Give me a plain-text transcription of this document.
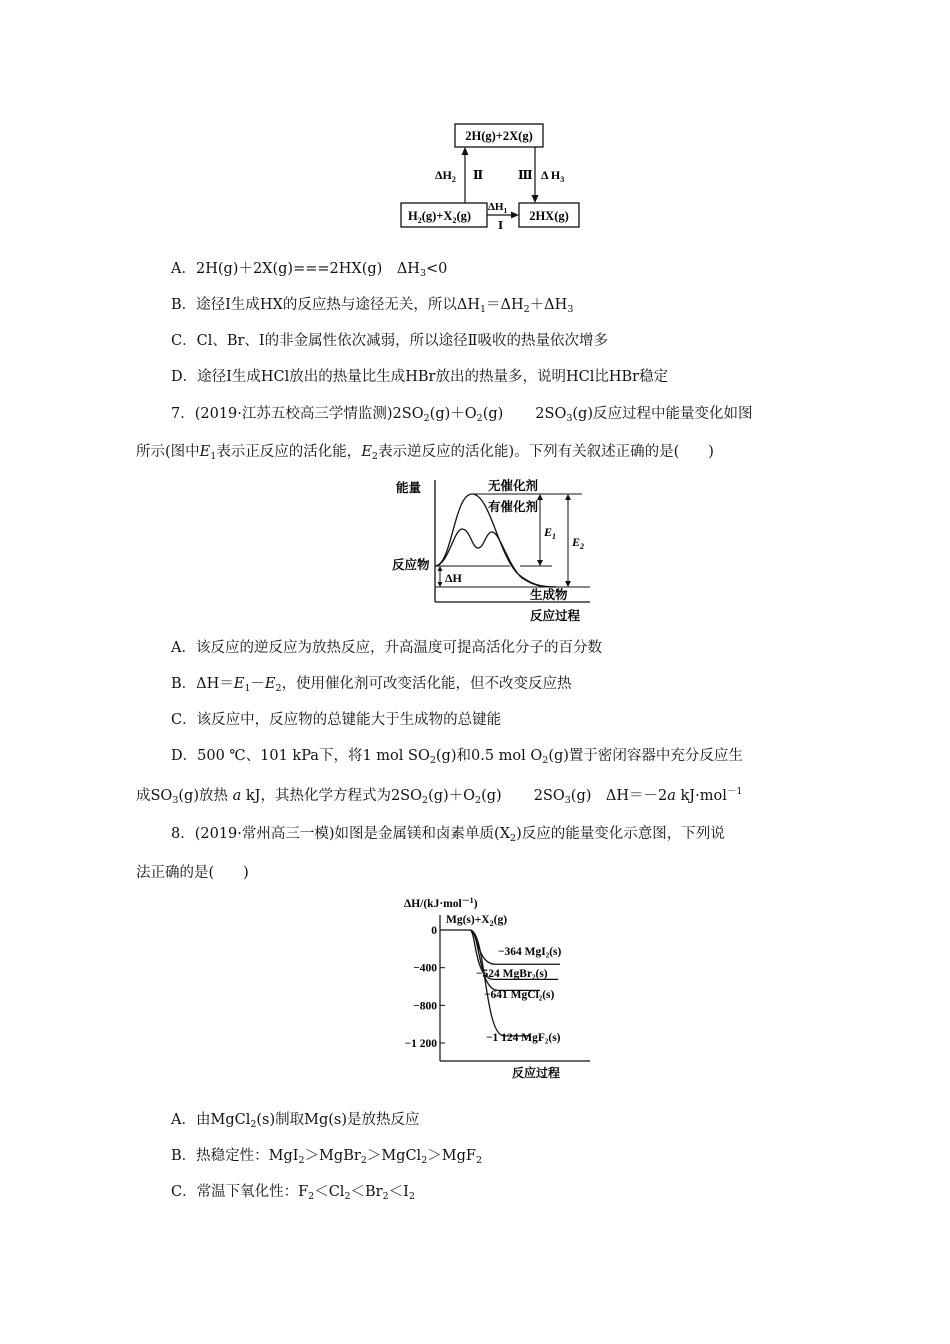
2H(g)+2X(g)
$H_2(g)+X_2(g)$	2HX(g)
$\Delta H_2$ Ⅱ	Ⅲ Δ $H_3$
$\Delta H_1$
Ⅰ
A．2H(g)＋2X(g)===2HX(g)　$\Delta H_3<0$
B．途径Ⅰ生成HX的反应热与途径无关，所以$\Delta H_1=\Delta H_2+\Delta H_3$
C．Cl、Br、I的非金属性依次减弱，所以途径Ⅱ吸收的热量依次增多
D．途径Ⅰ生成HCl放出的热量比生成HBr放出的热量多，说明HCl比HBr稳定
7．(2019·江苏五校高三学情监测)$2SO_2(g)+O_2(g)$ $2SO_3(g)$反应过程中能量变化如图
所示(图中$E_1$表示正反应的活化能，$E_2$表示逆反应的活化能)。下列有关叙述正确的是(　　)
能量	无催化剂
有催化剂
反应物
生成物
反应过程
$E_1$ $E_2$
ΔH
A．该反应的逆反应为放热反应，升高温度可提高活化分子的百分数
B．$\Delta H=E_1-E_2$，使用催化剂可改变活化能，但不改变反应热
C．该反应中，反应物的总键能大于生成物的总键能
D．500 ℃、101 kPa下，将1 mol $SO_2(g)$和0.5 mol $O_2(g)$置于密闭容器中充分反应生
成$SO_3(g)$放热 a kJ，其热化学方程式为$2SO_2(g)+O_2(g)$ $2SO_3(g)$　ΔH＝－2a kJ·mol$^{-1}$
8．(2019·常州高三一模)如图是金属镁和卤素单质$(X_2)$反应的能量变化示意图，下列说
法正确的是(　　)
ΔH/(kJ·mol$^{-1}$)
$Mg(s)+X_2(g)$
0
−400
−800
−1 200
−364 MgI₂(s)
−524 MgBr₂(s)
−641 MgCl₂(s)
−1 124 MgF₂(s)
反应过程
A．由MgCl$_2$(s)制取Mg(s)是放热反应
B．热稳定性：MgI$_2$＞MgBr$_2$＞MgCl$_2$＞MgF$_2$
C．常温下氧化性：$F_2<Cl_2<Br_2<I_2$
